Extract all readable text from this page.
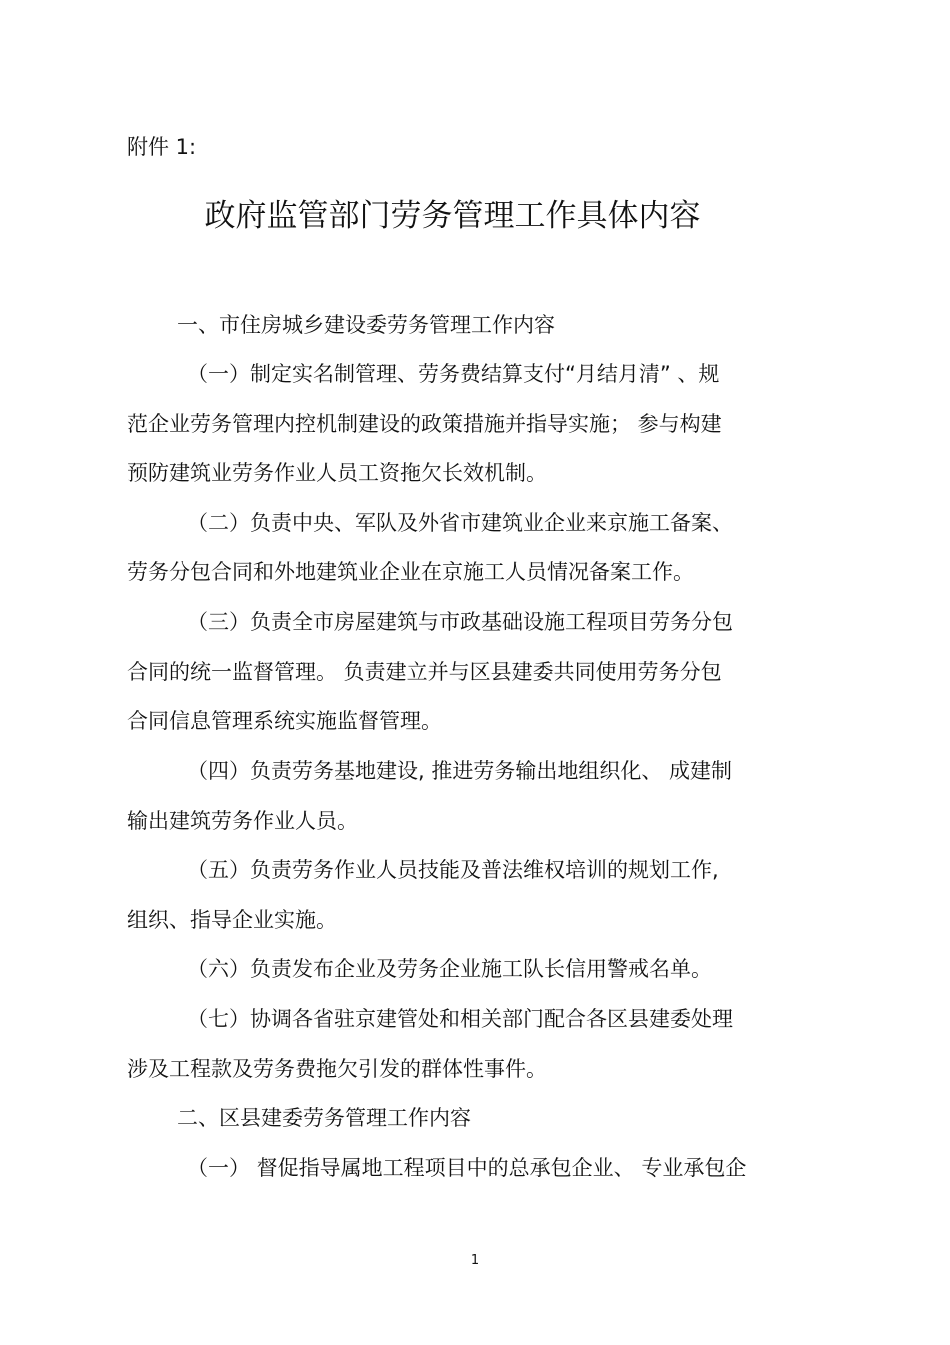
附件 1:
政府监管部门劳务管理工作具体内容
一、市住房城乡建设委劳务管理工作内容
（一）制定实名制管理、劳务费结算支付“月结月清” 、规
范企业劳务管理内控机制建设的政策措施并指导实施； 参与构建
预防建筑业劳务作业人员工资拖欠长效机制。
（二）负责中央、军队及外省市建筑业企业来京施工备案、
劳务分包合同和外地建筑业企业在京施工人员情况备案工作。
（三）负责全市房屋建筑与市政基础设施工程项目劳务分包
合同的统一监督管理。 负责建立并与区县建委共同使用劳务分包
合同信息管理系统实施监督管理。
（四）负责劳务基地建设, 推进劳务输出地组织化、 成建制
输出建筑劳务作业人员。
（五）负责劳务作业人员技能及普法维权培训的规划工作,
组织、指导企业实施。
（六）负责发布企业及劳务企业施工队长信用警戒名单。
（七）协调各省驻京建管处和相关部门配合各区县建委处理
涉及工程款及劳务费拖欠引发的群体性事件。
二、区县建委劳务管理工作内容
（一） 督促指导属地工程项目中的总承包企业、 专业承包企
1
